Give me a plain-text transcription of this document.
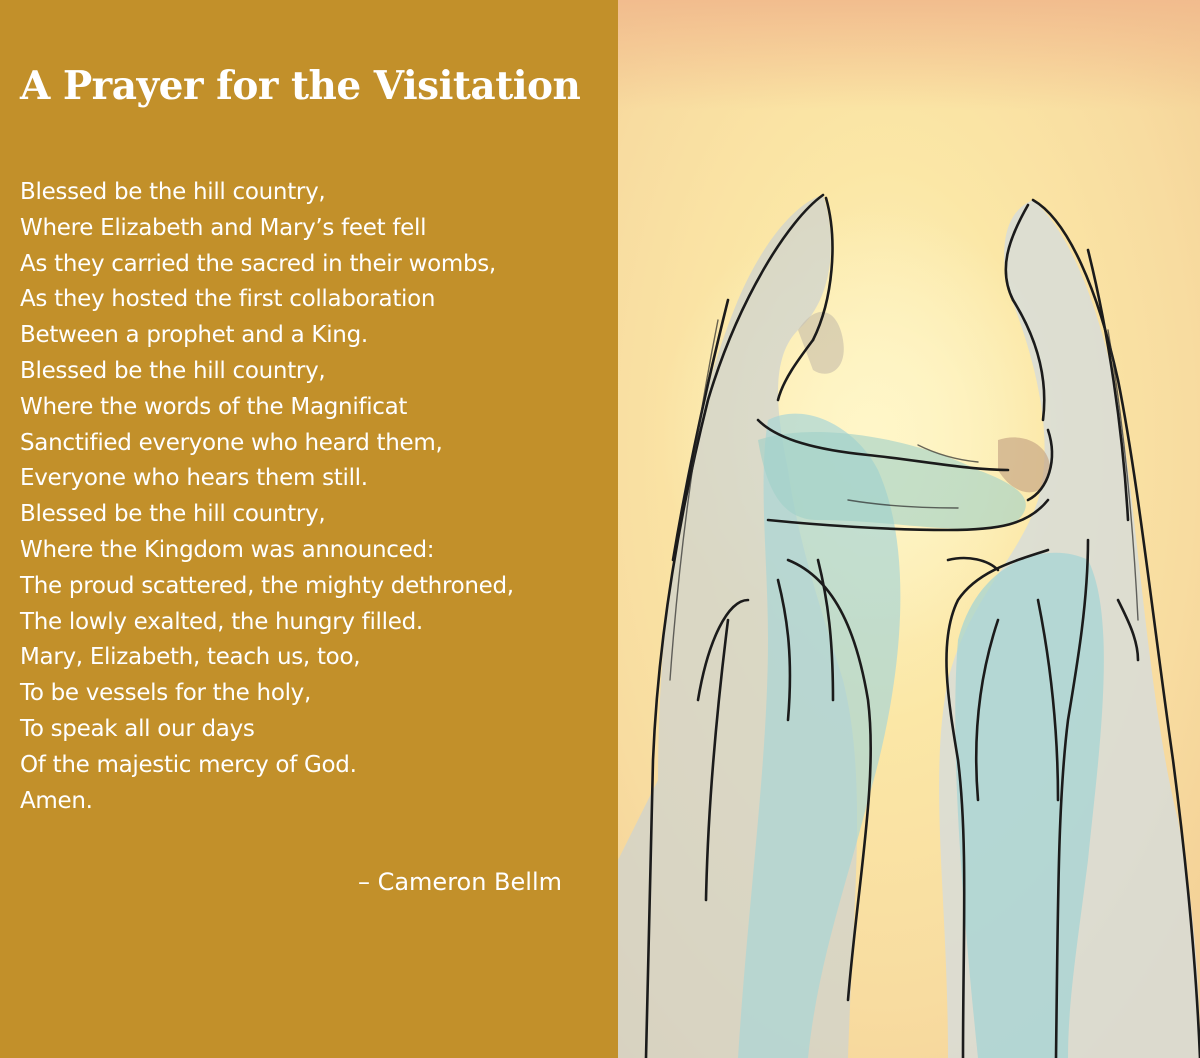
A Prayer for the Visitation
Blessed be the hill country,
Where Elizabeth and Mary’s feet fell
As they carried the sacred in their wombs,
As they hosted the first collaboration
Between a prophet and a King.
Blessed be the hill country,
Where the words of the Magnificat
Sanctified everyone who heard them,
Everyone who hears them still.
Blessed be the hill country,
Where the Kingdom was announced:
The proud scattered, the mighty dethroned,
The lowly exalted, the hungry filled.
Mary, Elizabeth, teach us, too,
To be vessels for the holy,
To speak all our days
Of the majestic mercy of God.
Amen.
– Cameron Bellm
